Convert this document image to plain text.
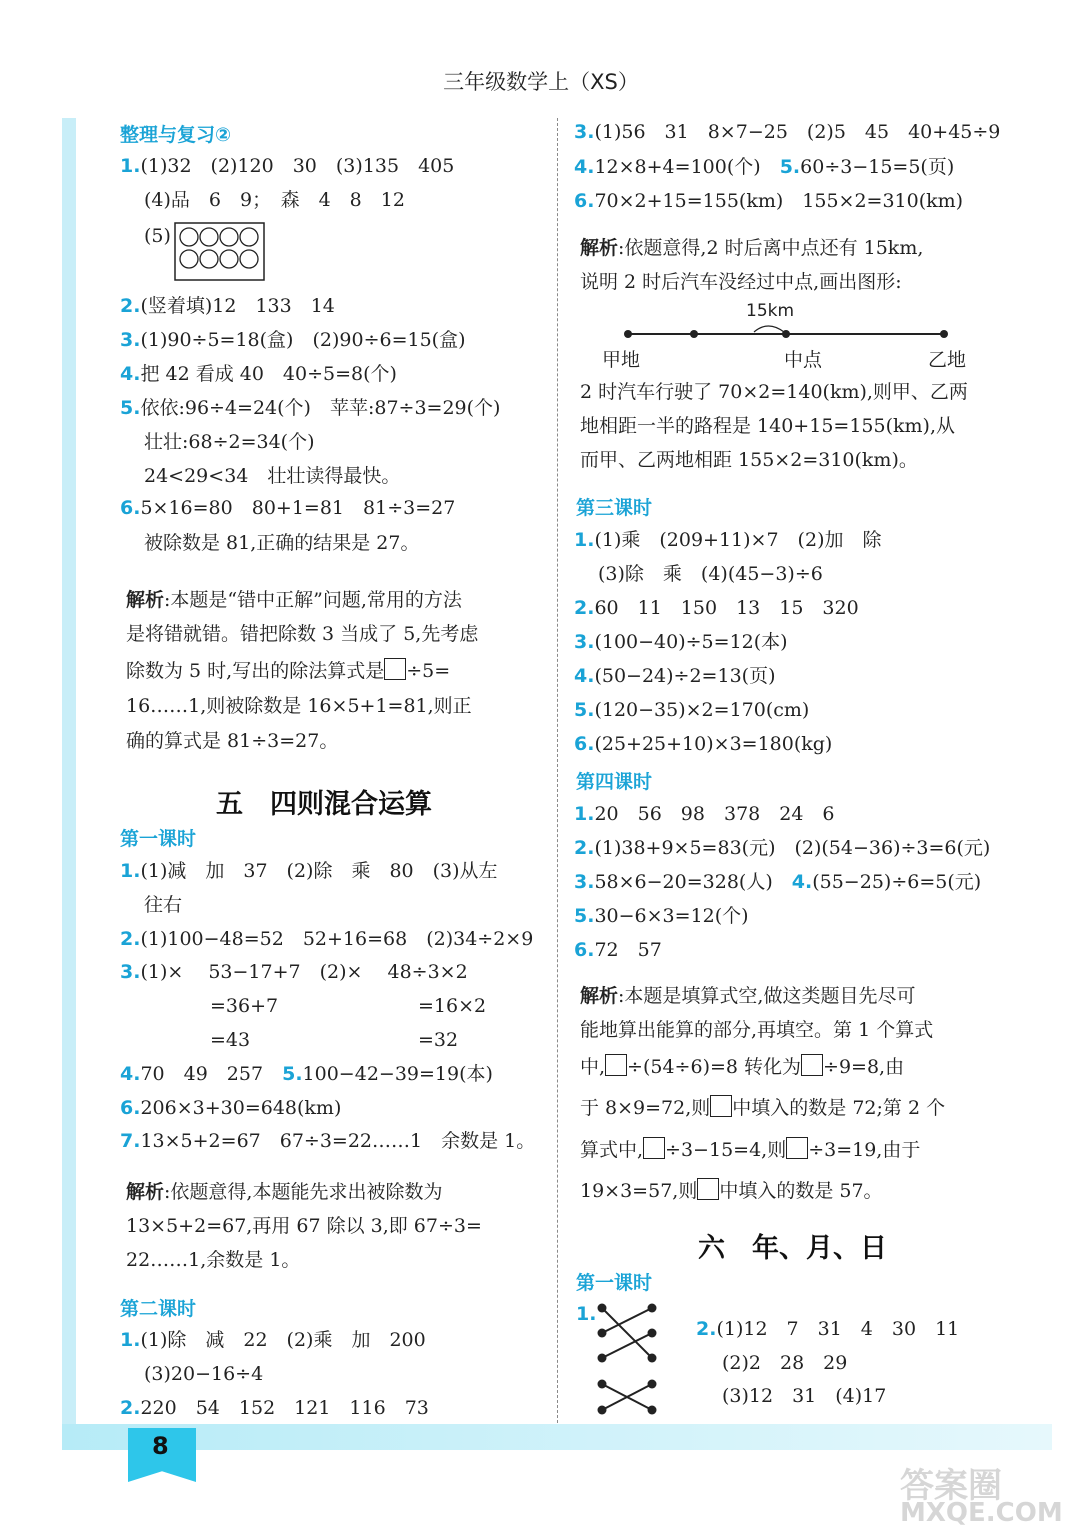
三年级数学上（XS）
8
整理与复习②
1.(1)32　(2)120　30　(3)135　405
(4)品　6　9；　森　4　8　12
(5)
2.(竖着填)12　133　14
3.(1)90÷5=18(盒)　(2)90÷6=15(盒)
4.把 42 看成 40　40÷5=8(个)
5.依依:96÷4=24(个)　苹苹:87÷3=29(个)
壮壮:68÷2=34(个)
24<29<34　壮壮读得最快。
6.5×16=80　80+1=81　81÷3=27
被除数是 81,正确的结果是 27。
解析:本题是“错中正解”问题,常用的方法
是将错就错。错把除数 3 当成了 5,先考虑
除数为 5 时,写出的除法算式是 ÷5=
16……1,则被除数是 16×5+1=81,则正
确的算式是 81÷3=27。
五　四则混合运算
第一课时
1.(1)减　加　37　(2)除　乘　80　(3)从左
往右
2.(1)100−48=52　52+16=68　(2)34÷2×9
3.(1)×　 53−17+7　(2)×　 48÷3×2
=36+7	=16×2
=43	=32
4.70　49　257　 5.100−42−39=19(本)
6.206×3+30=648(km)
7.13×5+2=67　67÷3=22……1　余数是 1。
解析:依题意得,本题能先求出被除数为
13×5+2=67,再用 67 除以 3,即 67÷3=
22……1,余数是 1。
第二课时
1.(1)除　减　22　(2)乘　加　200
(3)20−16÷4
2.220　54　152　121　116　73
3.(1)56　31　8×7−25　(2)5　45　40+45÷9
4.12×8+4=100(个)　 5.60÷3−15=5(页)
6.70×2+15=155(km)　155×2=310(km)
解析:依题意得,2 时后离中点还有 15km,
说明 2 时后汽车没经过中点,画出图形:
15km
甲地	中点	乙地
2 时汽车行驶了 70×2=140(km),则甲、乙两
地相距一半的路程是 140+15=155(km),从
而甲、乙两地相距 155×2=310(km)。
第三课时
1.(1)乘　(209+11)×7　(2)加　除
(3)除　乘　(4)(45−3)÷6
2.60　11　150　13　15　320
3.(100−40)÷5=12(本)
4.(50−24)÷2=13(页)
5.(120−35)×2=170(cm)
6.(25+25+10)×3=180(kg)
第四课时
1.20　56　98　378　24　6
2.(1)38+9×5=83(元)　(2)(54−36)÷3=6(元)
3.58×6−20=328(人)　 4.(55−25)÷6=5(元)
5.30−6×3=12(个)
6.72　57
解析:本题是填算式空,做这类题目先尽可
能地算出能算的部分,再填空。第 1 个算式
中, ÷(54÷6)=8 转化为 ÷9=8,由
于 8×9=72,则 中填入的数是 72;第 2 个
算式中, ÷3−15=4,则 ÷3=19,由于
19×3=57,则 中填入的数是 57。
六　年、月、日
第一课时
1.
2.(1)12　7　31　4　30　11
(2)2　28　29
(3)12　31　(4)17
答案圈
MXQE.COM
